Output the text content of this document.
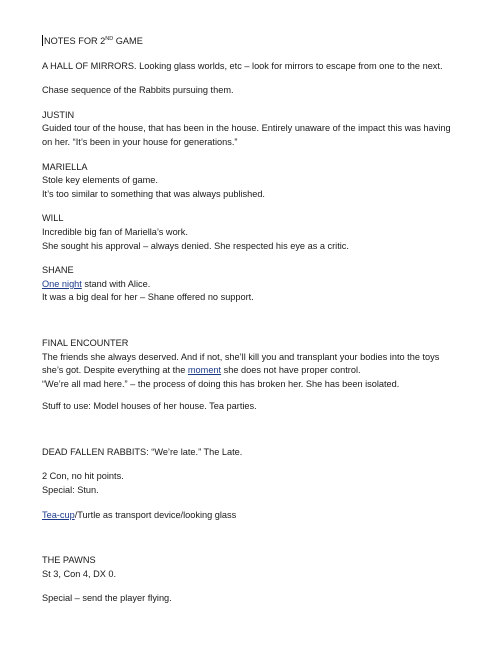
NOTES FOR 2ND GAME

A HALL OF MIRRORS. Looking glass worlds, etc – look for mirrors to escape from one to the next.

Chase sequence of the Rabbits pursuing them.

JUSTIN

Guided tour of the house, that has been in the house. Entirely unaware of the impact this was having

on her. “It’s been in your house for generations.”

MARIELLA

Stole key elements of game.

It’s too similar to something that was always published.

WILL

Incredible big fan of Mariella’s work.

She sought his approval – always denied. She respected his eye as a critic.

SHANE

One night stand with Alice.

It was a big deal for her – Shane offered no support.

FINAL ENCOUNTER

The friends she always deserved. And if not, she’ll kill you and transplant your bodies into the toys

she’s got. Despite everything at the moment she does not have proper control.

“We’re all mad here.” – the process of doing this has broken her. She has been isolated.

Stuff to use: Model houses of her house. Tea parties.

DEAD FALLEN RABBITS: “We’re late.” The Late.

2 Con, no hit points.

Special: Stun.

Tea-cup/Turtle as transport device/looking glass

THE PAWNS

St 3, Con 4, DX 0.

Special – send the player flying.
